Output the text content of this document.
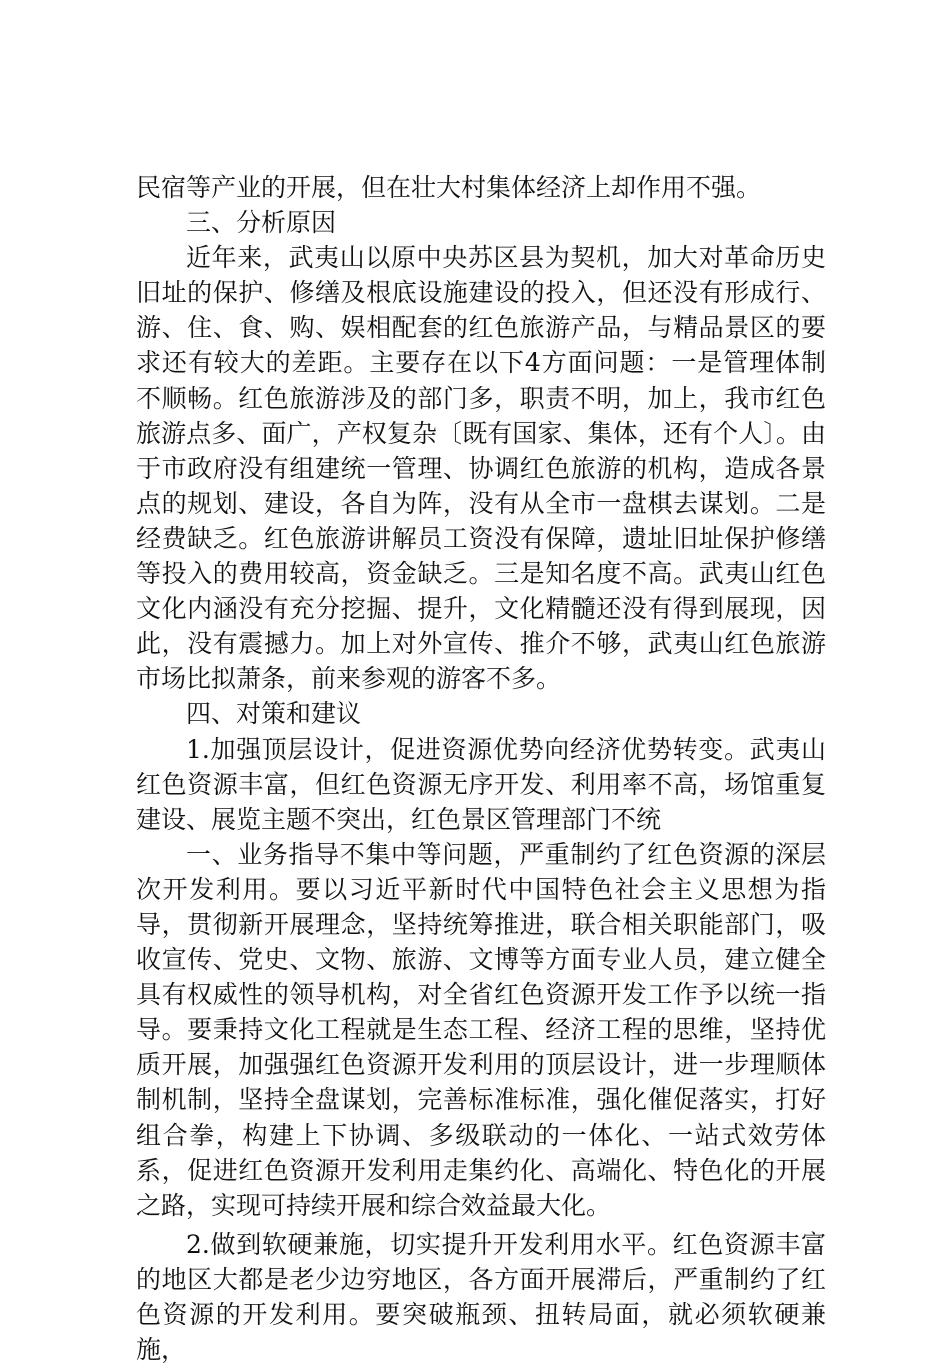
民宿等产业的开展，但在壮大村集体经济上却作用不强。

三、分析原因

近年来，武夷山以原中央苏区县为契机，加大对革命历史旧址的保护、修缮及根底设施建设的投入，但还没有形成行、游、住、食、购、娱相配套的红色旅游产品，与精品景区的要求还有较大的差距。主要存在以下4方面问题：一是管理体制不顺畅。红色旅游涉及的部门多，职责不明，加上，我市红色旅游点多、面广，产权复杂〔既有国家、集体，还有个人〕。由于市政府没有组建统一管理、协调红色旅游的机构，造成各景点的规划、建设，各自为阵，没有从全市一盘棋去谋划。二是经费缺乏。红色旅游讲解员工资没有保障，遗址旧址保护修缮等投入的费用较高，资金缺乏。三是知名度不高。武夷山红色文化内涵没有充分挖掘、提升，文化精髓还没有得到展现，因此，没有震撼力。加上对外宣传、推介不够，武夷山红色旅游市场比拟萧条，前来参观的游客不多。

四、对策和建议

1.加强顶层设计，促进资源优势向经济优势转变。武夷山红色资源丰富，但红色资源无序开发、利用率不高，场馆重复建设、展览主题不突出，红色景区管理部门不统

一、业务指导不集中等问题，严重制约了红色资源的深层次开发利用。要以习近平新时代中国特色社会主义思想为指导，贯彻新开展理念，坚持统筹推进，联合相关职能部门，吸收宣传、党史、文物、旅游、文博等方面专业人员，建立健全具有权威性的领导机构，对全省红色资源开发工作予以统一指导。要秉持文化工程就是生态工程、经济工程的思维，坚持优质开展，加强强红色资源开发利用的顶层设计，进一步理顺体制机制，坚持全盘谋划，完善标准标准，强化催促落实，打好组合拳，构建上下协调、多级联动的一体化、一站式效劳体系，促进红色资源开发利用走集约化、高端化、特色化的开展之路，实现可持续开展和综合效益最大化。

2.做到软硬兼施，切实提升开发利用水平。红色资源丰富的地区大都是老少边穷地区，各方面开展滞后，严重制约了红色资源的开发利用。要突破瓶颈、扭转局面，就必须软硬兼施，
